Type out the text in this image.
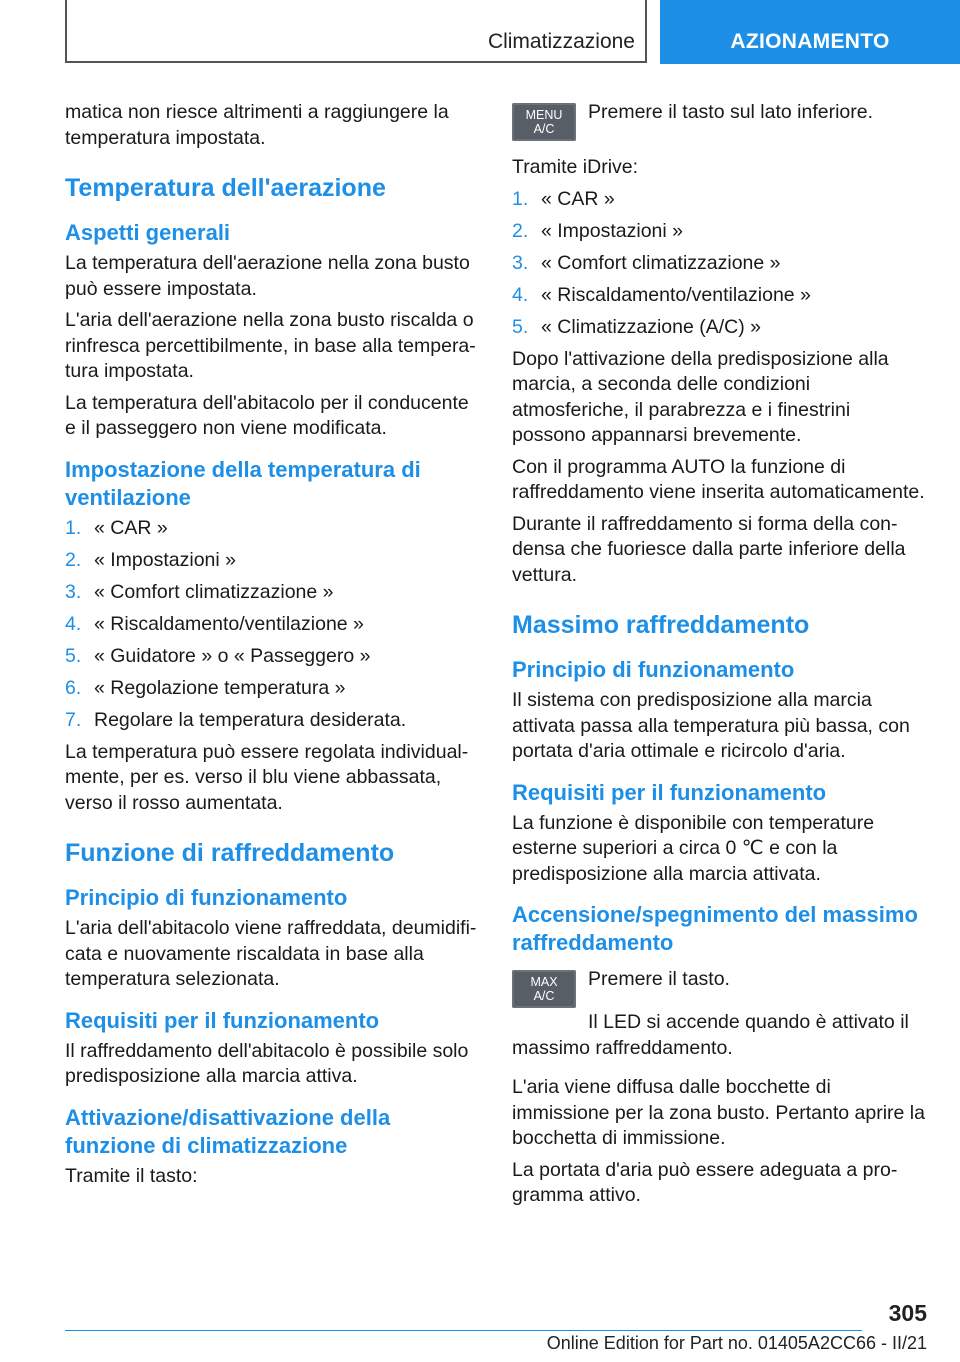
Climatizzazione	AZIONAMENTO

matica non riesce altrimenti a raggiungere la temperatura impostata.

Temperatura dell'aerazione
Aspetti generali

La temperatura dell'aerazione nella zona busto può essere impostata.

L'aria dell'aerazione nella zona busto riscalda o rinfresca percettibilmente, in base alla temperatura impostata.

La temperatura dell'abitacolo per il conducente e il passeggero non viene modificata.

Impostazione della temperatura di ventilazione
1. « CAR »
2. « Impostazioni »
3. « Comfort climatizzazione »
4. « Riscaldamento/ventilazione »
5. « Guidatore » o « Passeggero »
6. « Regolazione temperatura »
7. Regolare la temperatura desiderata.

La temperatura può essere regolata individualmente, per es. verso il blu viene abbassata, verso il rosso aumentata.

Funzione di raffreddamento
Principio di funzionamento

L'aria dell'abitacolo viene raffreddata, deumidificata e nuovamente riscaldata in base alla temperatura selezionata.

Requisiti per il funzionamento

Il raffreddamento dell'abitacolo è possibile solo predisposizione alla marcia attiva.

Attivazione/disattivazione della funzione di climatizzazione

Tramite il tasto:

MENU
A/C

Premere il tasto sul lato inferiore.

Tramite iDrive:

1. « CAR »
2. « Impostazioni »
3. « Comfort climatizzazione »
4. « Riscaldamento/ventilazione »
5. « Climatizzazione (A/C) »

Dopo l'attivazione della predisposizione alla marcia, a seconda delle condizioni atmosferiche, il parabrezza e i finestrini possono appannarsi brevemente.

Con il programma AUTO la funzione di raffreddamento viene inserita automaticamente.

Durante il raffreddamento si forma della condensa che fuoriesce dalla parte inferiore della vettura.

Massimo raffreddamento
Principio di funzionamento

Il sistema con predisposizione alla marcia attivata passa alla temperatura più bassa, con portata d'aria ottimale e ricircolo d'aria.

Requisiti per il funzionamento

La funzione è disponibile con temperature esterne superiori a circa 0 ℃ e con la predisposizione alla marcia attivata.

Accensione/spegnimento del massimo raffreddamento
MAX
A/C

Premere il tasto.

Il LED si accende quando è attivato il massimo raffreddamento.

L'aria viene diffusa dalle bocchette di immissione per la zona busto. Pertanto aprire la bocchetta di immissione.

La portata d'aria può essere adeguata a programma attivo.

305
Online Edition for Part no. 01405A2CC66 - II/21
